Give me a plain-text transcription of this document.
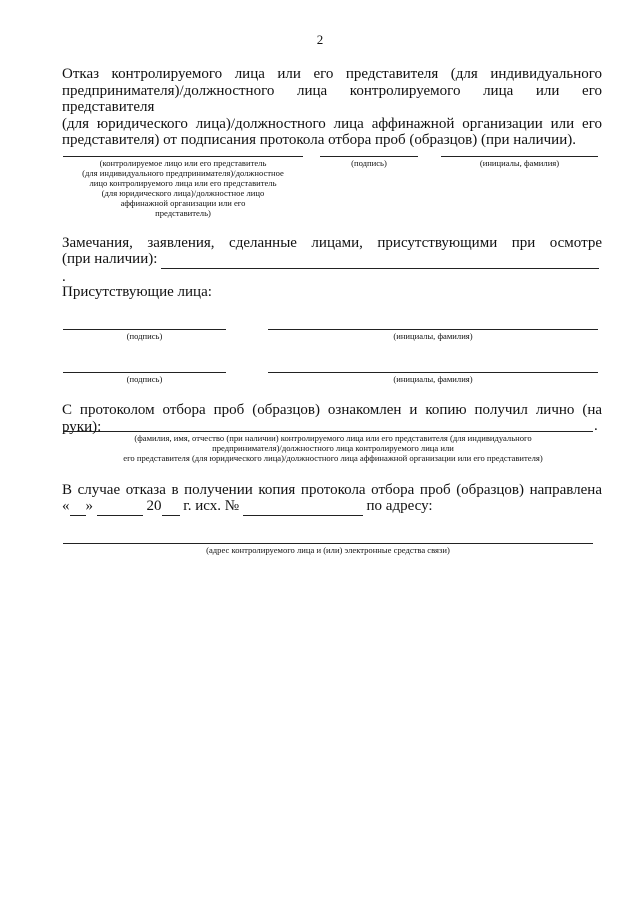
2
Отказ контролируемого лица или его представителя (для индивидуального
предпринимателя)/должностного лица контролируемого лица или его представителя
(для юридического лица)/должностного лица аффинажной организации или его
представителя) от подписания протокола отбора проб (образцов) (при наличии).
(контролируемое лицо или его представитель
(для индивидуального предпринимателя)/должностное
лицо контролируемого лица или его представитель
(для юридического лица)/должностное лицо
аффинажной организации или его
представитель)
(подпись)	(инициалы, фамилия)
Замечания, заявления, сделанные лицами, присутствующими при осмотре
(при наличии):   .
Присутствующие лица:
(подпись)	(инициалы, фамилия)
(подпись)	(инициалы, фамилия)
С протоколом отбора проб (образцов) ознакомлен и копию получил лично (на руки):	.
(фамилия, имя, отчество (при наличии) контролируемого лица или его представителя (для индивидуального
предпринимателя)/должностного лица контролируемого лица или
его представителя (для юридического лица)/должностного лица аффинажной организации или его представителя)
В случае отказа в получении копия протокола отбора проб (образцов) направлена
« »	20 г. исх. №	по адресу:
(адрес контролируемого лица и (или) электронные средства связи)
